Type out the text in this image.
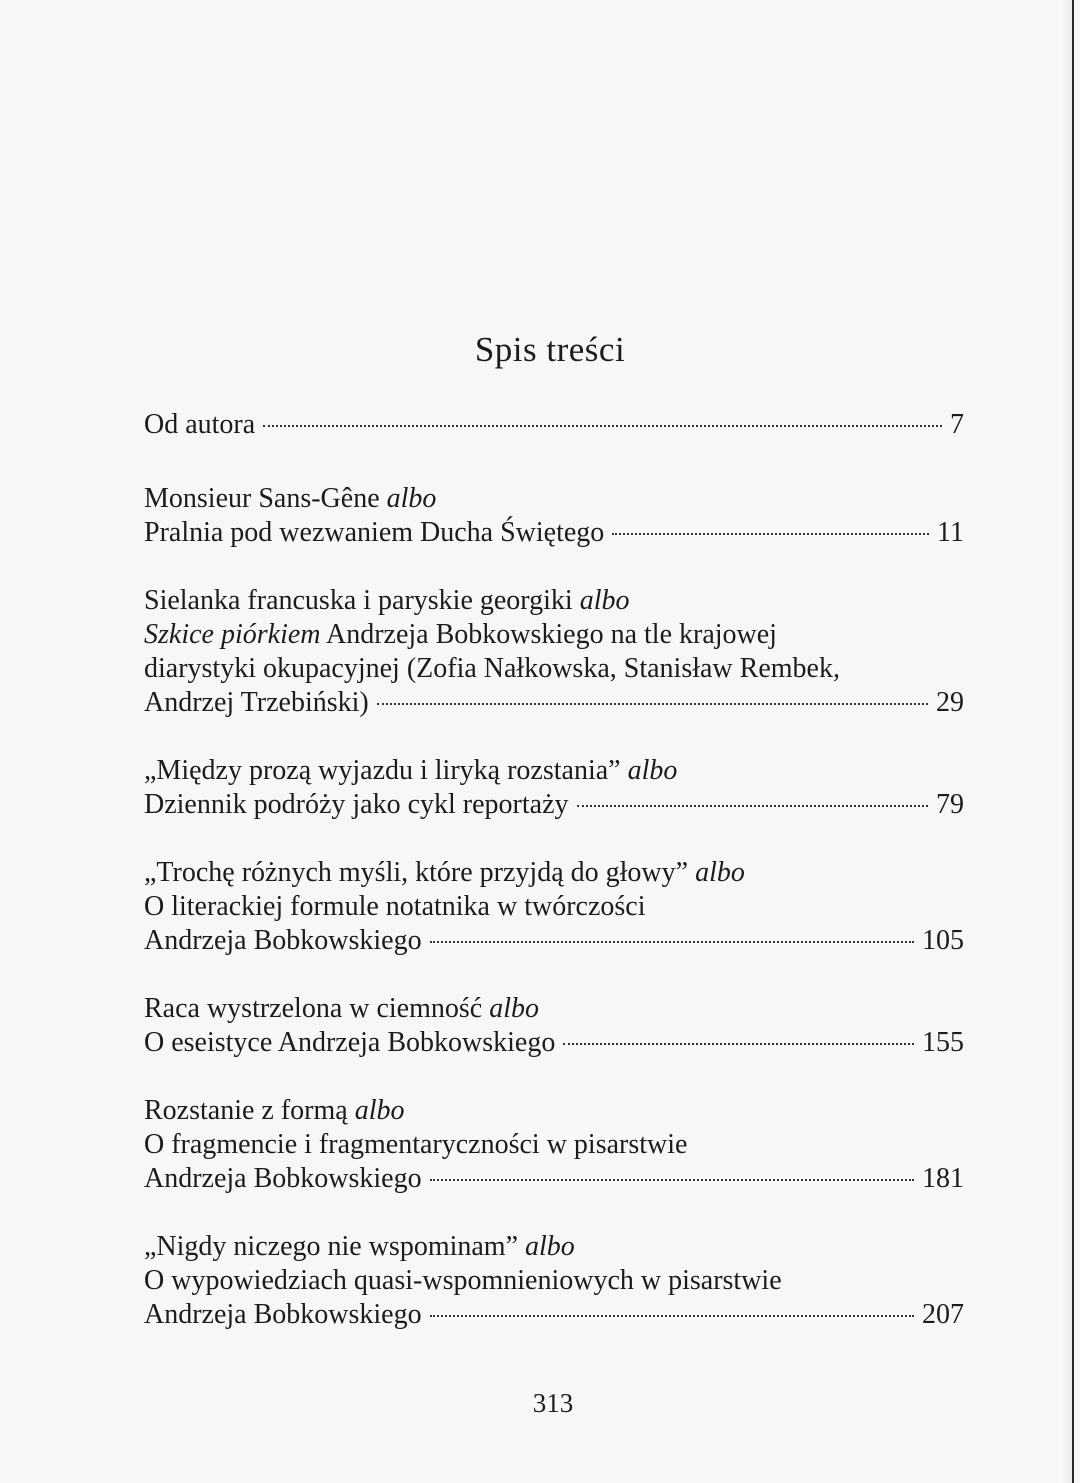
Spis treści
Od autora	7
Monsieur Sans-Gêne albo
Pralnia pod wezwaniem Ducha Świętego	11
Sielanka francuska i paryskie georgiki albo
Szkice piórkiem Andrzeja Bobkowskiego na tle krajowej
diarystyki okupacyjnej (Zofia Nałkowska, Stanisław Rembek,
Andrzej Trzebiński)	29
„Między prozą wyjazdu i liryką rozstania” albo
Dziennik podróży jako cykl reportaży	79
„Trochę różnych myśli, które przyjdą do głowy” albo
O literackiej formule notatnika w twórczości
Andrzeja Bobkowskiego	105
Raca wystrzelona w ciemność albo
O eseistyce Andrzeja Bobkowskiego	155
Rozstanie z formą albo
O fragmencie i fragmentaryczności w pisarstwie
Andrzeja Bobkowskiego	181
„Nigdy niczego nie wspominam” albo
O wypowiedziach quasi-wspomnieniowych w pisarstwie
Andrzeja Bobkowskiego	207
313
